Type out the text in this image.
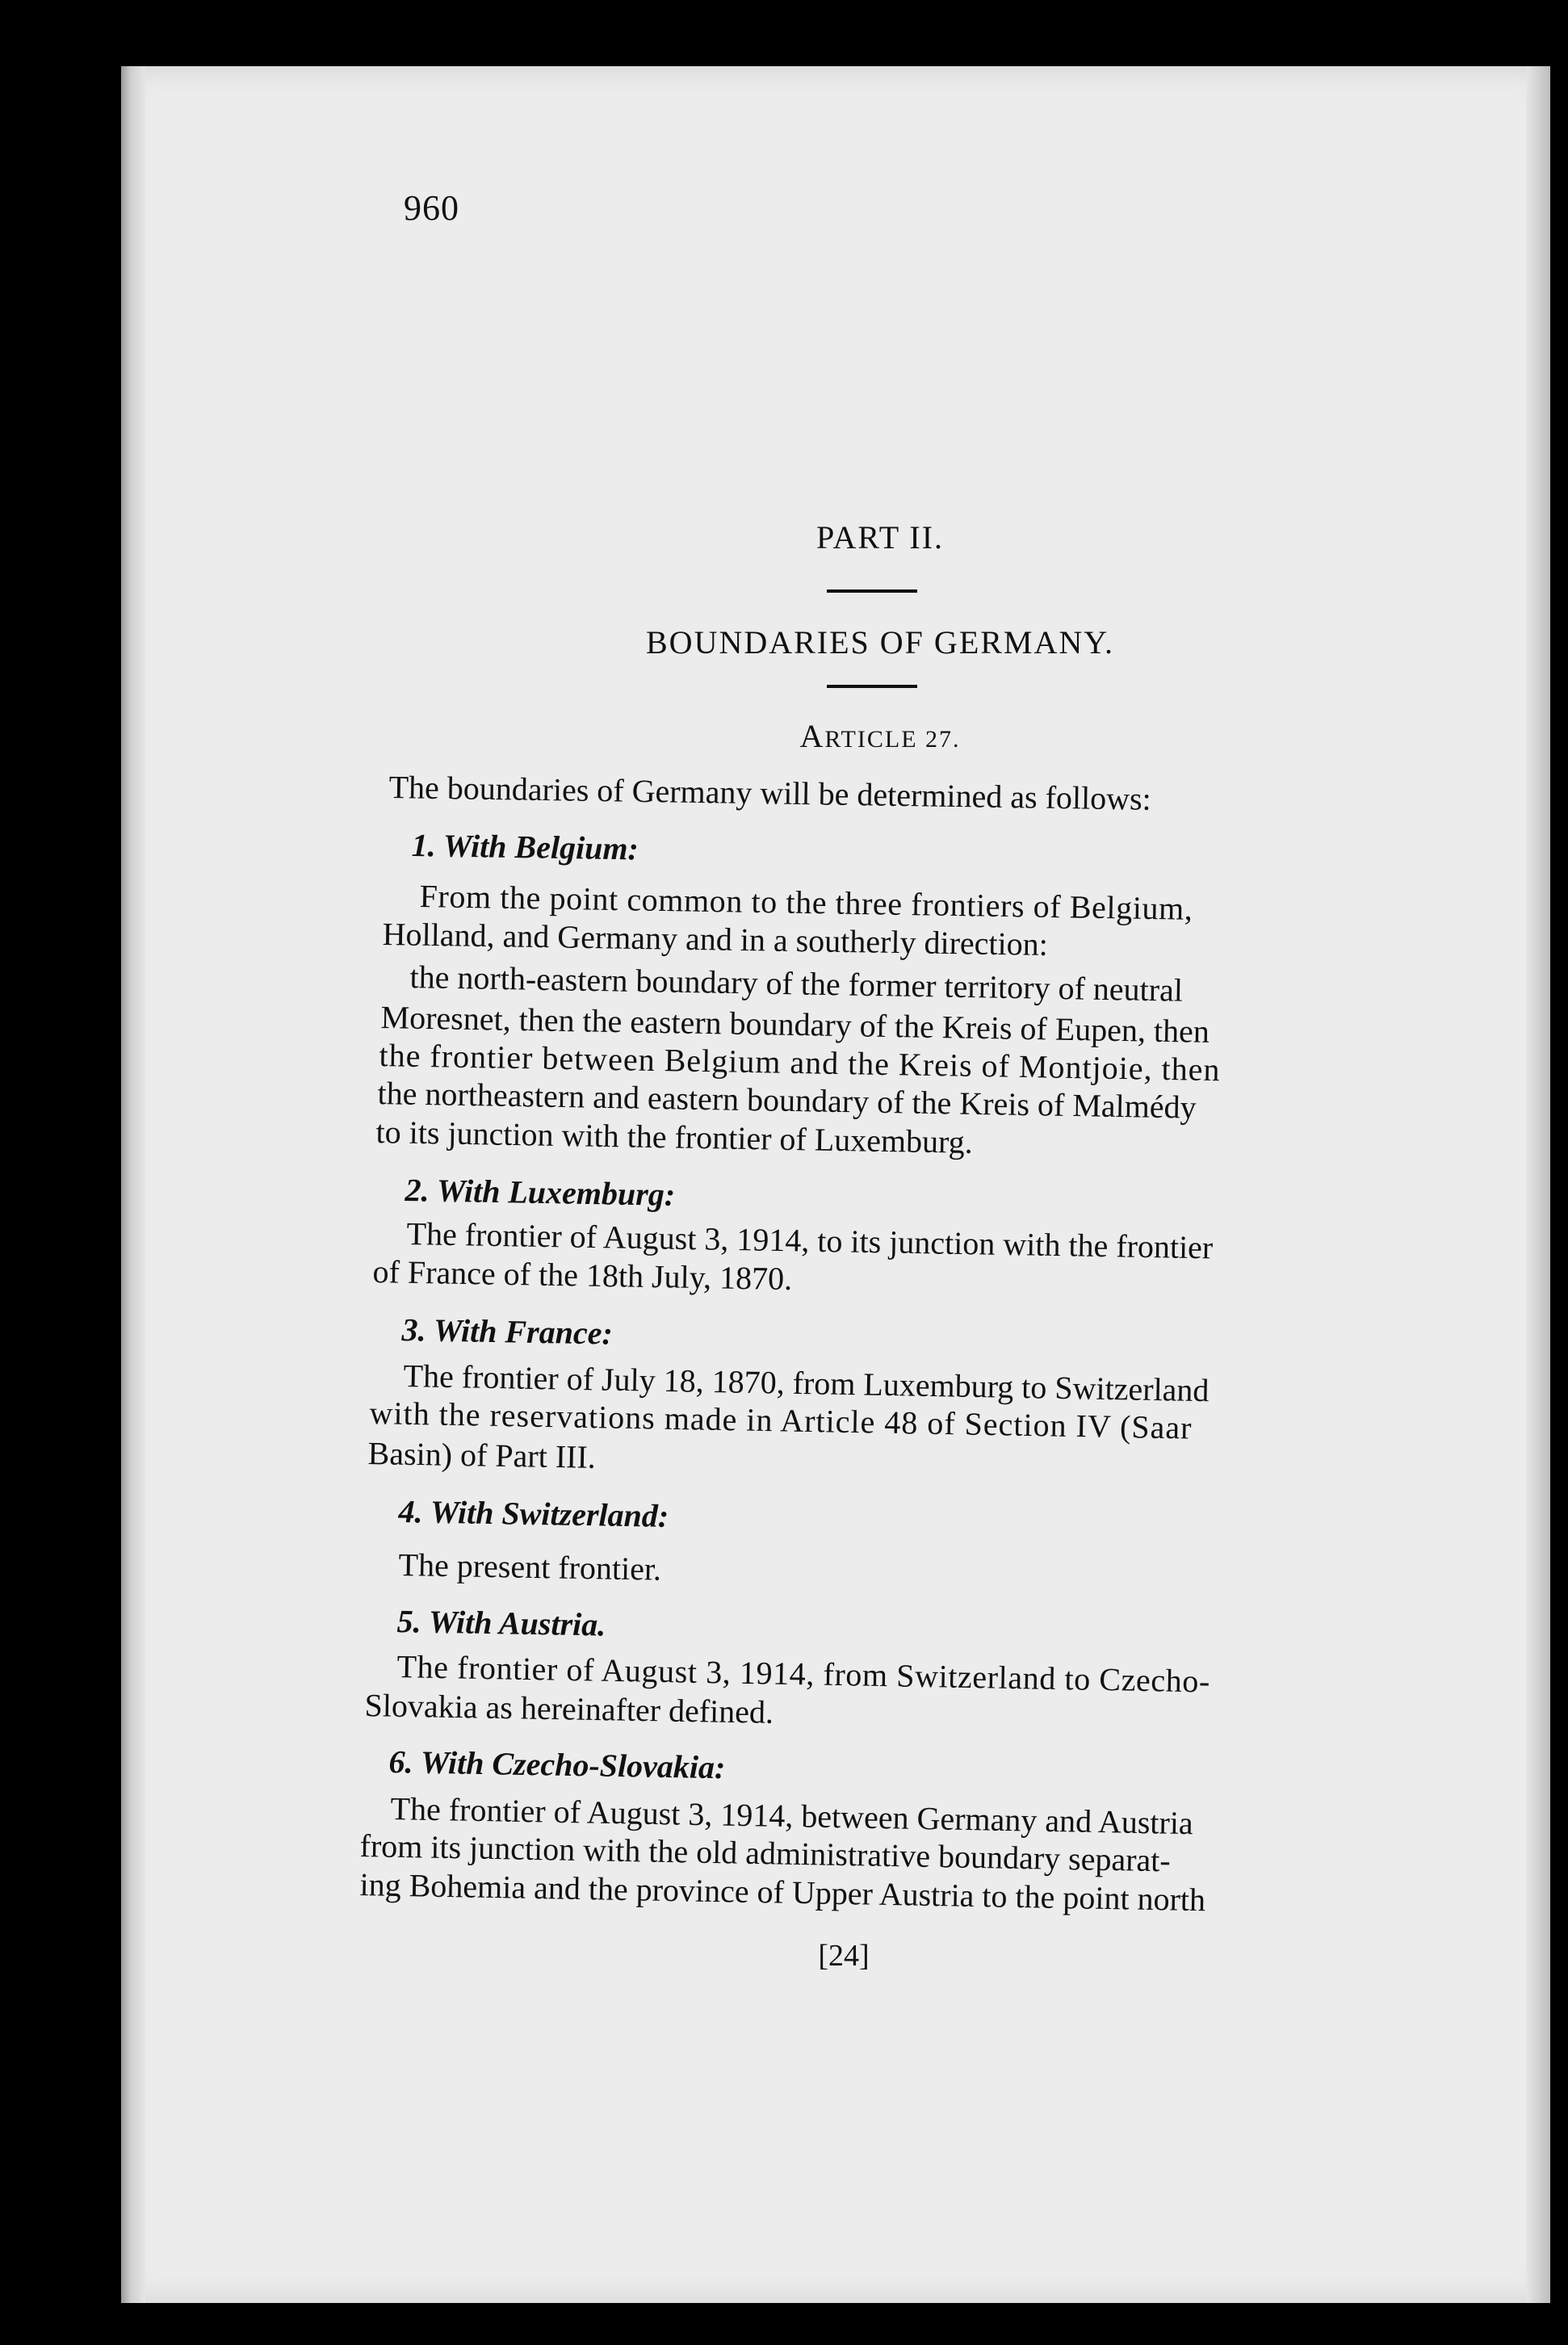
960
PART II.
BOUNDARIES OF GERMANY.
ARTICLE 27.
The boundaries of Germany will be determined as follows:
1. With Belgium:
From the point common to the three frontiers of Belgium,
Holland, and Germany and in a southerly direction:
the north-eastern boundary of the former territory of neutral
Moresnet, then the eastern boundary of the Kreis of Eupen, then
the frontier between Belgium and the Kreis of Montjoie, then
the northeastern and eastern boundary of the Kreis of Malmédy
to its junction with the frontier of Luxemburg.
2. With Luxemburg:
The frontier of August 3, 1914, to its junction with the frontier
of France of the 18th July, 1870.
3. With France:
The frontier of July 18, 1870, from Luxemburg to Switzerland
with the reservations made in Article 48 of Section IV (Saar
Basin) of Part III.
4. With Switzerland:
The present frontier.
5. With Austria.
The frontier of August 3, 1914, from Switzerland to Czecho-
Slovakia as hereinafter defined.
6. With Czecho-Slovakia:
The frontier of August 3, 1914, between Germany and Austria
from its junction with the old administrative boundary separat-
ing Bohemia and the province of Upper Austria to the point north
[24]
